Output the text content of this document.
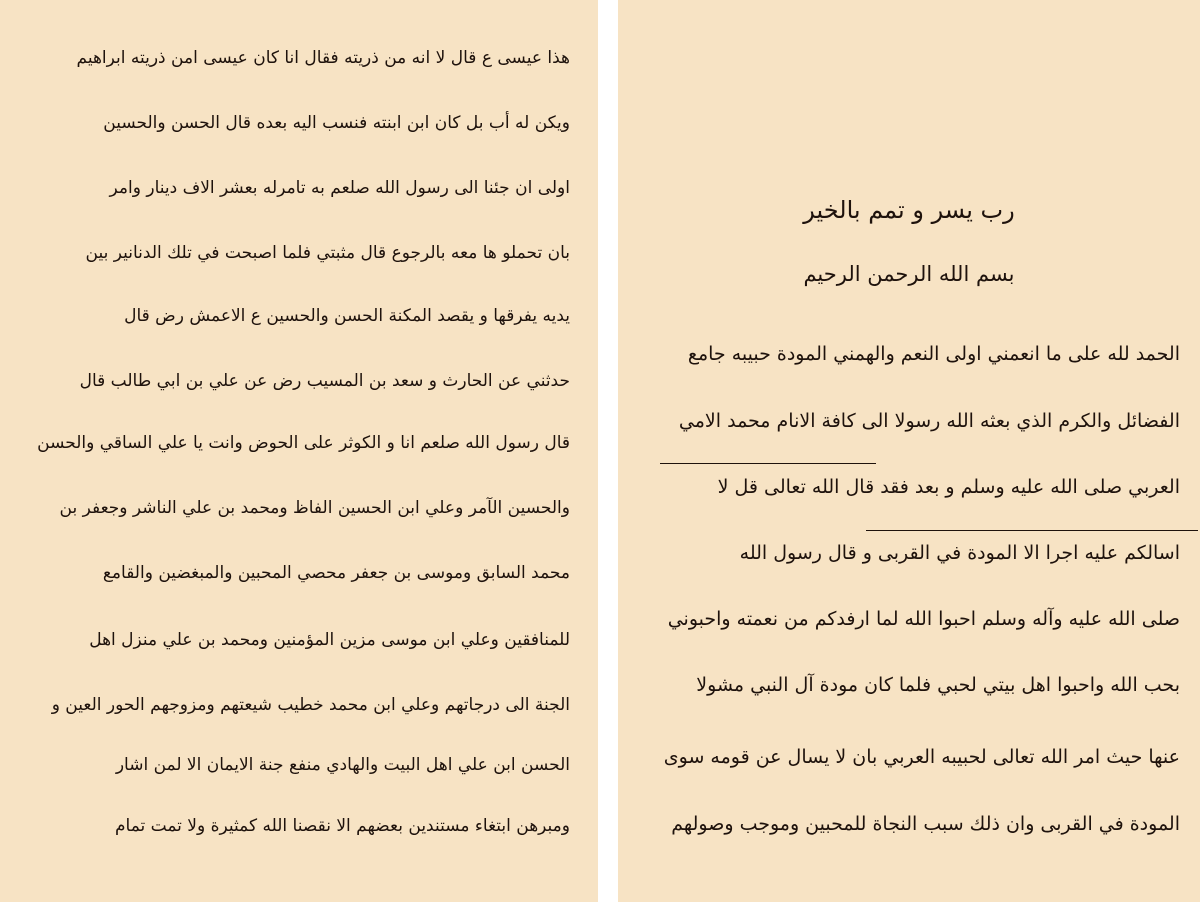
هذا عيسى ع قال لا انه من ذريته فقال انا كان عيسى امن ذريته ابراهيم
ويكن له أب بل كان ابن ابنته فنسب اليه بعده قال الحسن والحسين
اولى ان جئنا الى رسول الله صلعم به تامرله بعشر الاف دينار وامر
بان تحملو ها معه بالرجوع قال مثبتي فلما اصبحت في تلك الدنانير بين
يديه يفرقها و يقصد المكنة الحسن والحسين ع الاعمش رض قال
حدثني عن الحارث و سعد بن المسيب رض عن علي بن ابي طالب قال
قال رسول الله صلعم انا و الكوثر على الحوض وانت يا علي الساقي والحسن
والحسين الآمر وعلي ابن الحسين الفاظ ومحمد بن علي الناشر وجعفر بن
محمد السابق وموسى بن جعفر محصي المحبين والمبغضين والقامع
للمنافقين وعلي ابن موسى مزين المؤمنين ومحمد بن علي منزل اهل
الجنة الى درجاتهم وعلي ابن محمد خطيب شيعتهم ومزوجهم الحور العين و
الحسن ابن علي اهل البيت والهادي منفع جنة الايمان الا لمن اشار
ومبرهن ابتغاء مستندين بعضهم الا نقصنا الله كمثيرة ولا تمت تمام
رب يسر و تمم بالخير
بسم الله الرحمن الرحيم
الحمد لله على ما انعمني اولى النعم والهمني المودة حبيبه جامع
الفضائل والكرم الذي بعثه الله رسولا الى كافة الانام محمد الامي
العربي صلى الله عليه وسلم و بعد فقد قال الله تعالى قل لا
اسالكم عليه اجرا الا المودة في القربى و قال رسول الله
صلى الله عليه وآله وسلم احبوا الله لما ارفدكم من نعمته واحبوني
بحب الله واحبوا اهل بيتي لحبي فلما كان مودة آل النبي مشولا
عنها حيث امر الله تعالى لحبيبه العربي بان لا يسال عن قومه سوى
المودة في القربى وان ذلك سبب النجاة للمحبين وموجب وصولهم
